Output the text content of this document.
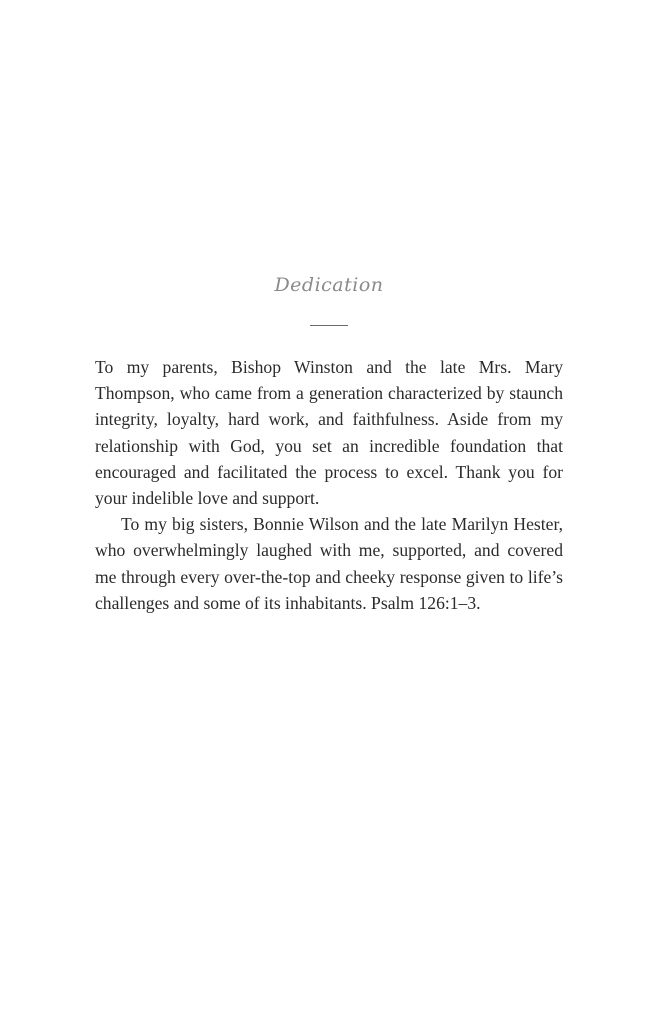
Dedication

To my parents, Bishop Winston and the late Mrs. Mary Thompson, who came from a generation characterized by staunch integrity, loyalty, hard work, and faithfulness. Aside from my relationship with God, you set an incredible foundation that encouraged and facilitated the process to excel. Thank you for your indelible love and support.

To my big sisters, Bonnie Wilson and the late Marilyn Hester, who overwhelmingly laughed with me, supported, and covered me through every over-the-top and cheeky response given to life’s challenges and some of its inhabitants. Psalm 126:1–3.
